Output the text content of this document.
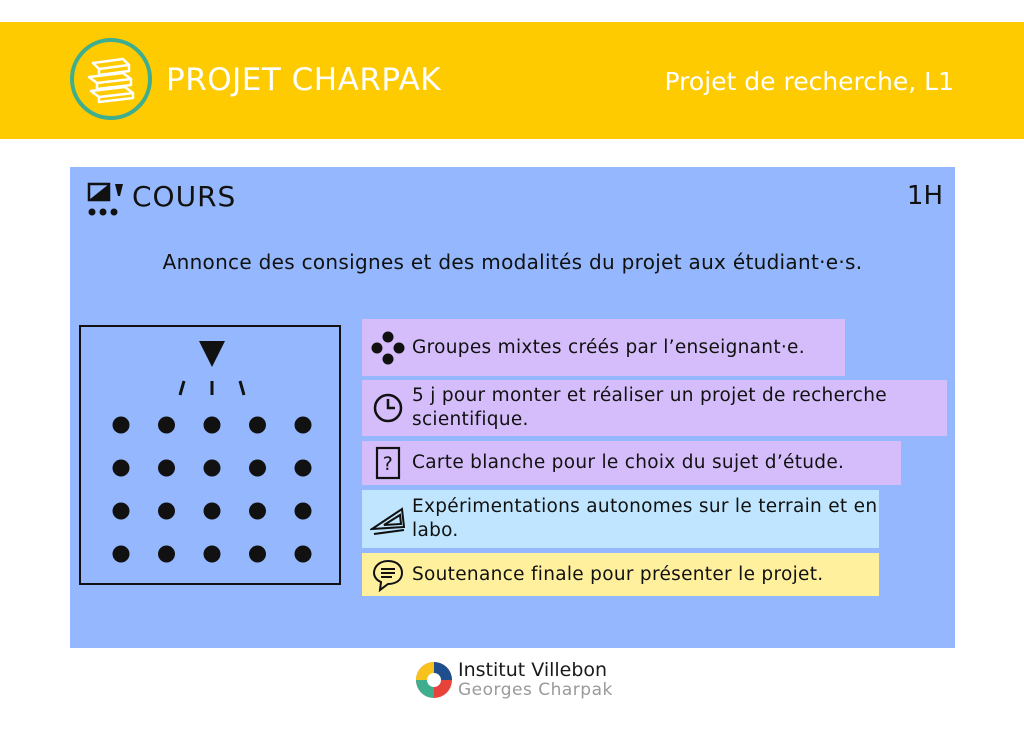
PROJET CHARPAK	Projet de recherche, L1
COURS	1H
Annonce des consignes et des modalités du projet aux étudiant·e·s.
Groupes mixtes créés par l’enseignant·e.
5 j pour monter et réaliser un projet de recherche scientifique.
? Carte blanche pour le choix du sujet d’étude.
Expérimentations autonomes sur le terrain et en labo.
Soutenance finale pour présenter le projet.
Institut Villebon
Georges Charpak
